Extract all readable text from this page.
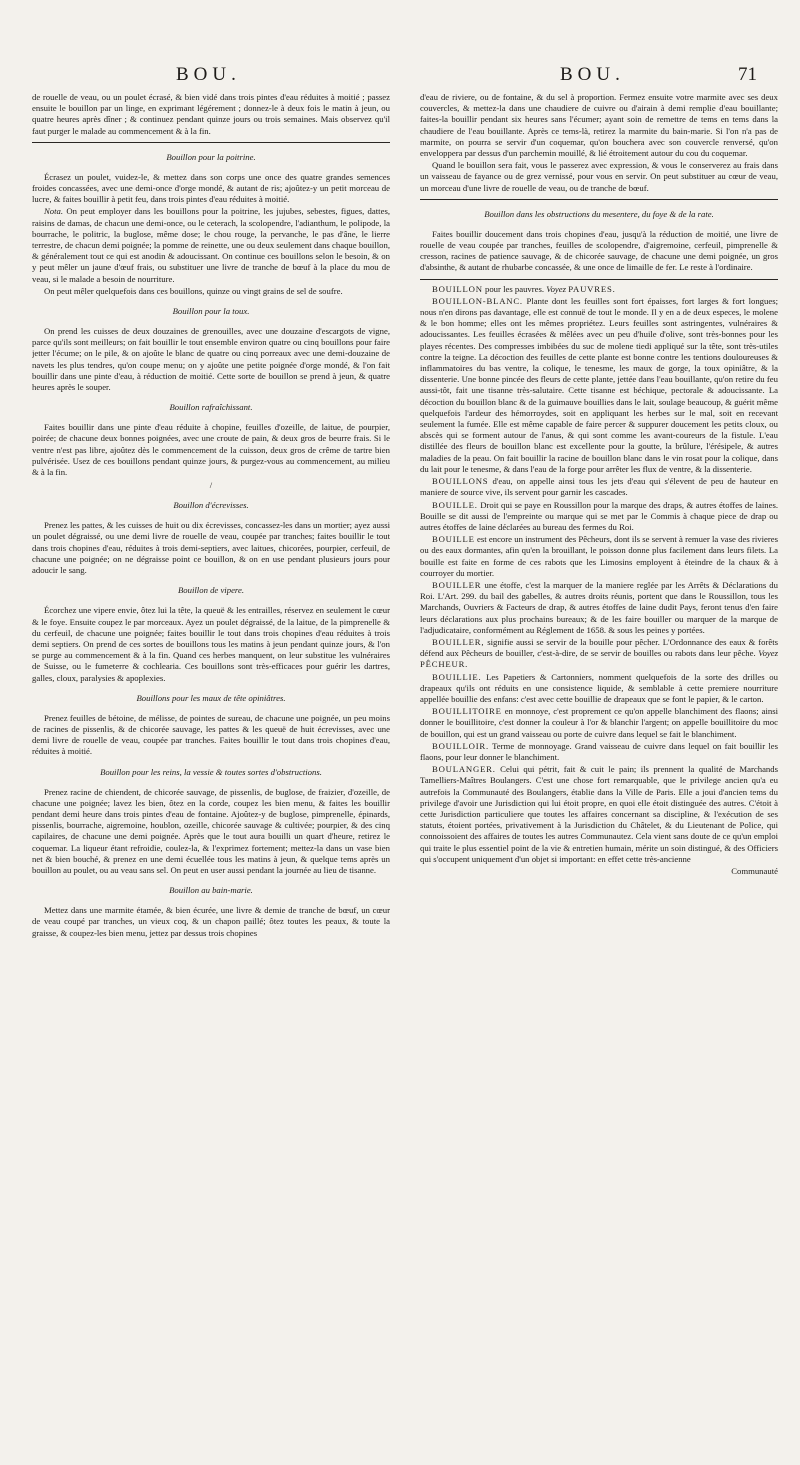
BOU.	BOU.	71

de rouelle de veau, ou un poulet écrasé, & bien vidé dans trois pintes d'eau réduites à moitié ; passez ensuite le bouillon par un linge, en exprimant légérement ; donnez-le à deux fois le matin à jeun, ou quatre heures après dîner ; & continuez pendant quinze jours ou trois semaines. Mais observez qu'il faut purger le malade au commencement & à la fin.

Bouillon pour la poitrine.

Écrasez un poulet, vuidez-le, & mettez dans son corps une once des quatre grandes semences froides concassées, avec une demi-once d'orge mondé, & autant de ris; ajoûtez-y un petit morceau de lucre, & faites bouillir à petit feu, dans trois pintes d'eau réduites à moitié.

Nota. On peut employer dans les bouillons pour la poitrine, les jujubes, sebestes, figues, dattes, raisins de damas, de chacun une demi-once, ou le ceterach, la scolopendre, l'adianthum, le polipode, la bourrache, le politric, la buglose, même dose; le chou rouge, la pervanche, le pas d'âne, le lierre terrestre, de chacun demi poignée; la pomme de reinette, une ou deux seulement dans chaque bouillon, & généralement tout ce qui est anodin & adoucissant. On continue ces bouillons selon le besoin, & on y peut mêler un jaune d'œuf frais, ou substituer une livre de tranche de bœuf à la place du mou de veau, si le malade a besoin de nourriture.

On peut mêler quelquefois dans ces bouillons, quinze ou vingt grains de sel de soufre.

Bouillon pour la toux.

On prend les cuisses de deux douzaines de grenouilles, avec une douzaine d'escargots de vigne, parce qu'ils sont meilleurs; on fait bouillir le tout ensemble environ quatre ou cinq bouillons pour faire jetter l'écume; on le pile, & on ajoûte le blanc de quatre ou cinq porreaux avec une demi-douzaine de navets les plus tendres, qu'on coupe menu; on y ajoûte une petite poignée d'orge mondé, & l'on fait bouillir dans une pinte d'eau, à réduction de moitié. Cette sorte de bouillon se prend à jeun, & quatre heures après le souper.

Bouillon rafraîchissant.

Faites bouillir dans une pinte d'eau réduite à chopine, feuilles d'ozeille, de laitue, de pourpier, poirée; de chacune deux bonnes poignées, avec une croute de pain, & deux gros de beurre frais. Si le ventre n'est pas libre, ajoûtez dès le commencement de la cuisson, deux gros de crême de tartre bien pulvérisée. Usez de ces bouillons pendant quinze jours, & purgez-vous au commencement, au milieu & à la fin.

/
Bouillon d'écrevisses.

Prenez les pattes, & les cuisses de huit ou dix écrevisses, concassez-les dans un mortier; ayez aussi un poulet dégraissé, ou une demi livre de rouelle de veau, coupée par tranches; faites bouillir le tout dans trois chopines d'eau, réduites à trois demi-septiers, avec laitues, chicorées, pourpier, cerfeuil, de chacune une poignée; on ne dégraisse point ce bouillon, & on en use pendant plusieurs jours pour adoucir le sang.

Bouillon de vipere.

Écorchez une vipere envie, ôtez lui la tête, la queuë & les entrailles, réservez en seulement le cœur & le foye. Ensuite coupez le par morceaux. Ayez un poulet dégraissé, de la laitue, de la pimprenelle & du cerfeuil, de chacune une poignée; faites bouillir le tout dans trois chopines d'eau réduites à trois demi septiers. On prend de ces sortes de bouillons tous les matins à jeun pendant quinze jours, & l'on se purge au commencement & à la fin. Quand ces herbes manquent, on leur substitue les vulnéraires de Suisse, ou le fumeterre & cochlearia. Ces bouillons sont très-efficaces pour guérir les dartres, galles, cloux, paralysies & apoplexies.

Bouillons pour les maux de tête opiniâtres.

Prenez feuilles de bétoine, de mélisse, de pointes de sureau, de chacune une poignée, un peu moins de racines de pissenlis, & de chicorée sauvage, les pattes & les queuë de huit écrevisses, avec une demi livre de rouelle de veau, coupée par tranches. Faites bouillir le tout dans trois chopines d'eau, réduites à moitié.

Bouillon pour les reins, la vessie & toutes sortes d'obstructions.

Prenez racine de chiendent, de chicorée sauvage, de pissenlis, de buglose, de fraizier, d'ozeille, de chacune une poignée; lavez les bien, ôtez en la corde, coupez les bien menu, & faites les bouillir pendant demi heure dans trois pintes d'eau de fontaine. Ajoûtez-y de buglose, pimprenelle, épinards, pissenlis, bourrache, aigremoine, houblon, ozeille, chicorée sauvage & cultivée; pourpier, & des cinq capilaires, de chacune une demi poignée. Après que le tout aura bouilli un quart d'heure, retirez le coquemar. La liqueur étant refroidie, coulez-la, & l'exprimez fortement; mettez-la dans un vase bien net & bien bouché, & prenez en une demi écuellée tous les matins à jeun, & quelque tems après un bouillon au poulet, ou au veau sans sel. On peut en user aussi pendant la journée au lieu de tisanne.

Bouillon au bain-marie.

Mettez dans une marmite étamée, & bien écurée, une livre & demie de tranche de bœuf, un cœur de veau coupé par tranches, un vieux coq, & un chapon paillé; ôtez toutes les peaux, & toute la graisse, & coupez-les bien menu, jettez par dessus trois chopines

d'eau de riviere, ou de fontaine, & du sel à proportion. Fermez ensuite votre marmite avec ses deux couvercles, & mettez-la dans une chaudiere de cuivre ou d'airain à demi remplie d'eau bouillante; faites-la bouillir pendant six heures sans l'écumer; ayant soin de remettre de tems en tems dans la chaudiere de l'eau bouillante. Après ce tems-là, retirez la marmite du bain-marie. Si l'on n'a pas de marmite, on pourra se servir d'un coquemar, qu'on bouchera avec son couvercle renversé, qu'on enveloppera par dessus d'un parchemin mouillé, & lié étroitement autour du cou du coquemar.

Quand le bouillon sera fait, vous le passerez avec expression, & vous le conserverez au frais dans un vaisseau de fayance ou de grez vernissé, pour vous en servir. On peut substituer au cœur de veau, un morceau d'une livre de rouelle de veau, ou de tranche de bœuf.

Bouillon dans les obstructions du mesentere, du foye & de la rate.

Faites bouillir doucement dans trois chopines d'eau, jusqu'à la réduction de moitié, une livre de rouelle de veau coupée par tranches, feuilles de scolopendre, d'aigremoine, cerfeuil, pimprenelle & cresson, racines de patience sauvage, & de chicorée sauvage, de chacune une demi poignée, un gros d'absinthe, & autant de rhubarbe concassée, & une once de limaille de fer. Le reste à l'ordinaire.

BOUILLON pour les pauvres. Voyez PAUVRES.

BOUILLON-BLANC. Plante dont les feuilles sont fort épaisses, fort larges & fort longues; nous n'en dirons pas davantage, elle est connuë de tout le monde. Il y en a de deux especes, le molene & le bon homme; elles ont les mêmes propriétez. Leurs feuilles sont astringentes, vulnéraires & adoucissantes. Les feuilles écrasées & mêlées avec un peu d'huile d'olive, sont très-bonnes pour les playes récentes. Des compresses imbibées du suc de molene tiedi appliqué sur la tête, sont très-utiles contre la teigne. La décoction des feuilles de cette plante est bonne contre les tentions douloureuses & inflammatoires du bas ventre, la colique, le tenesme, les maux de gorge, la toux opiniâtre, & la dissenterie. Une bonne pincée des fleurs de cette plante, jettée dans l'eau bouillante, qu'on retire du feu aussi-tôt, fait une tisanne très-salutaire. Cette tisanne est béchique, pectorale & adoucissante. La décoction du bouillon blanc & de la guimauve bouillies dans le lait, soulage beaucoup, & guérit même quelquefois l'ardeur des hémorroydes, soit en appliquant les herbes sur le mal, soit en recevant seulement la fumée. Elle est même capable de faire percer & suppurer doucement les petits cloux, ou abscès qui se forment autour de l'anus, & qui sont comme les avant-coureurs de la fistule. L'eau distillée des fleurs de bouillon blanc est excellente pour la goutte, la brûlure, l'érésipele, & autres maladies de la peau. On fait bouillir la racine de bouillon blanc dans le vin rosat pour la colique, dans du lait pour le tenesme, & dans l'eau de la forge pour arrêter les flux de ventre, & la dissenterie.

BOUILLONS d'eau, on appelle ainsi tous les jets d'eau qui s'élevent de peu de hauteur en maniere de source vive, ils servent pour garnir les cascades.

BOUILLE. Droit qui se paye en Roussillon pour la marque des draps, & autres étoffes de laines. Bouille se dit aussi de l'empreinte ou marque qui se met par le Commis à chaque piece de drap ou autres étoffes de laine déclarées au bureau des fermes du Roi.

BOUILLE est encore un instrument des Pêcheurs, dont ils se servent à remuer la vase des rivieres ou des eaux dormantes, afin qu'en la brouillant, le poisson donne plus facilement dans leurs filets. La bouille est faite en forme de ces rabots que les Limosins employent à éteindre de la chaux & à courroyer du mortier.

BOUILLER une étoffe, c'est la marquer de la maniere reglée par les Arrêts & Déclarations du Roi. L'Art. 299. du bail des gabelles, & autres droits réunis, portent que dans le Roussillon, tous les Marchands, Ouvriers & Facteurs de drap, & autres étoffes de laine dudit Pays, feront tenus d'en faire leurs déclarations aux plus prochains bureaux; & de les faire bouiller ou marquer de la marque de l'adjudicataire, conformément au Réglement de 1658. & sous les peines y portées.

BOUILLER, signifie aussi se servir de la bouille pour pêcher. L'Ordonnance des eaux & forêts défend aux Pêcheurs de bouiller, c'est-à-dire, de se servir de bouilles ou rabots dans leur pêche. Voyez PÊCHEUR.

BOUILLIE. Les Papetiers & Cartonniers, nomment quelquefois de la sorte des drilles ou drapeaux qu'ils ont réduits en une consistence liquide, & semblable à cette premiere nourriture appellée bouillie des enfans: c'est avec cette bouillie de drapeaux que se font le papier, & le carton.

BOUILLITOIRE en monnoye, c'est proprement ce qu'on appelle blanchiment des flaons; ainsi donner le bouillitoire, c'est donner la couleur à l'or & blanchir l'argent; on appelle bouillitoire du moc de bouillon, qui est un grand vaisseau ou porte de cuivre dans lequel se fait le blanchiment.

BOUILLOIR. Terme de monnoyage. Grand vaisseau de cuivre dans lequel on fait bouillir les flaons, pour leur donner le blanchiment.

BOULANGER. Celui qui pétrit, fait & cuit le pain; ils prennent la qualité de Marchands Tamelliers-Maîtres Boulangers. C'est une chose fort remarquable, que le privilege ancien qu'a eu autrefois la Communauté des Boulangers, établie dans la Ville de Paris. Elle a joui d'ancien tems du privilege d'avoir une Jurisdiction qui lui étoit propre, en quoi elle étoit distinguée des autres. C'étoit à cette Jurisdiction particuliere que toutes les affaires concernant sa discipline, & l'exécution de ses statuts, étoient portées, privativement à la Jurisdiction du Châtelet, & du Lieutenant de Police, qui connoissoient des affaires de toutes les autres Communautez. Cela vient sans doute de ce qu'un emploi qui traite le plus essentiel point de la vie & entretien humain, mérite un soin distingué, & des Officiers qui s'occupent uniquement d'un objet si important: en effet cette très-ancienne

Communauté
